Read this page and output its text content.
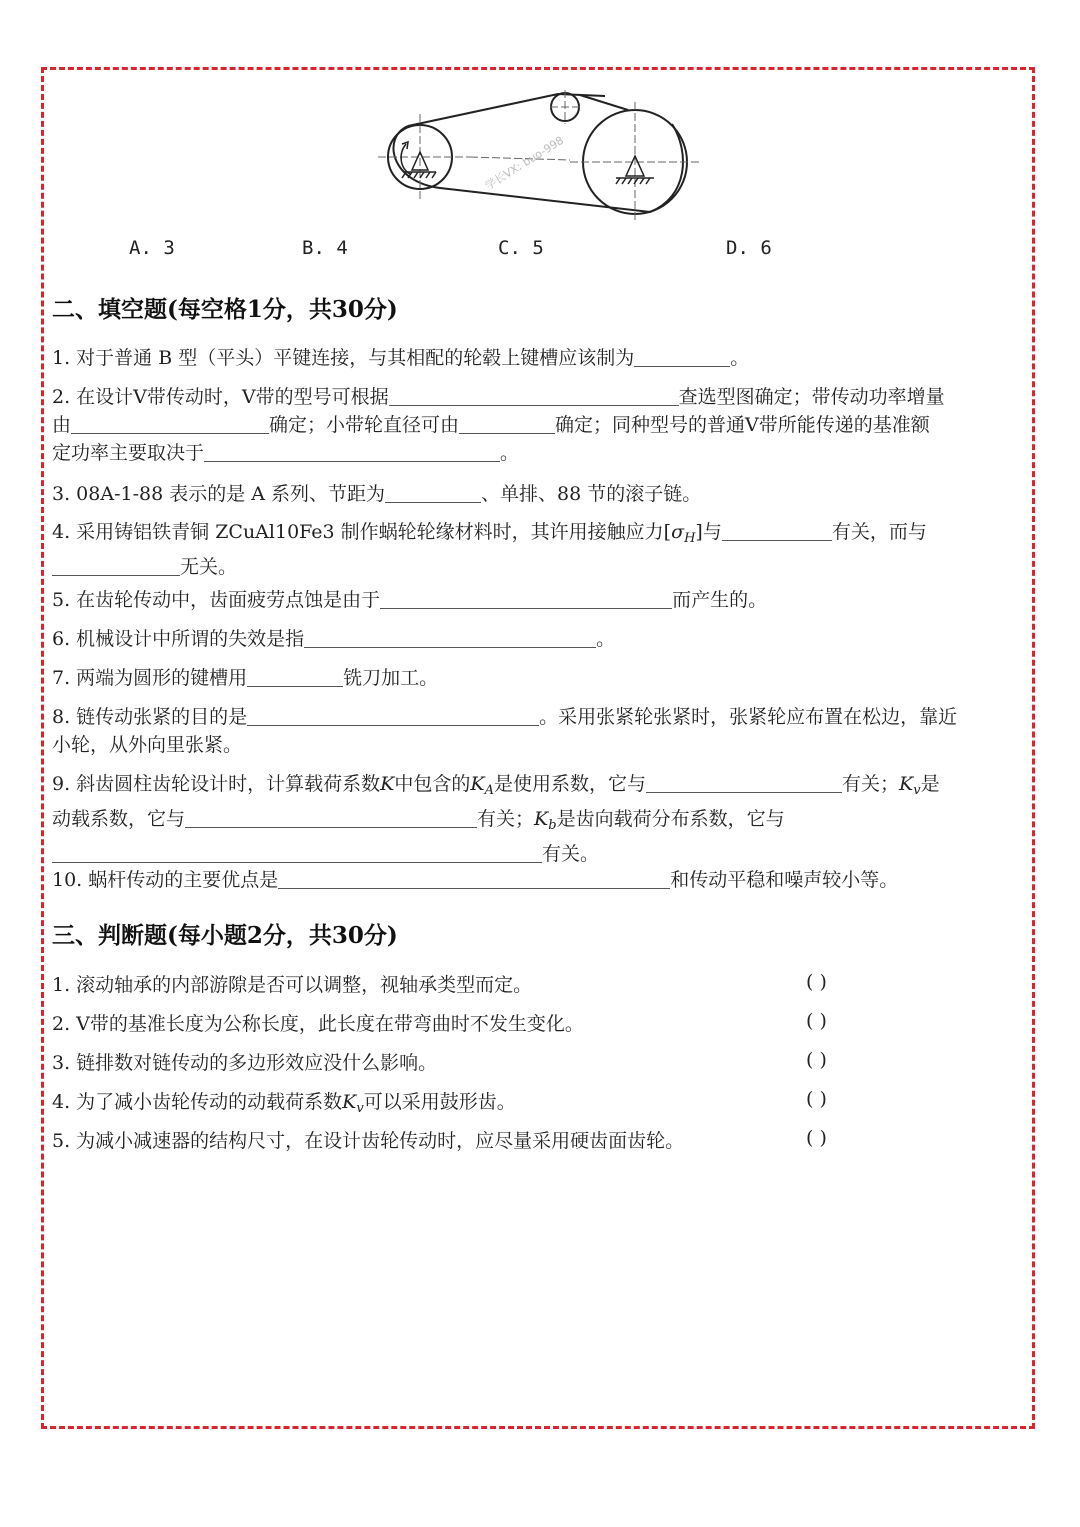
学长VX: buo-998
A. 3	B. 4	C. 5	D. 6
二、填空题(每空格1分，共30分)
1. 对于普通 B 型（平头）平键连接，与其相配的轮毂上键槽应该制为	。
2. 在设计V带传动时，V带的型号可根据	查选型图确定；带传动功率增量
由	确定；小带轮直径可由	确定；同种型号的普通V带所能传递的基准额
定功率主要取决于	。
3. 08A-1-88 表示的是 A 系列、节距为	、单排、88 节的滚子链。
4. 采用铸铝铁青铜 ZCuAl10Fe3 制作蜗轮轮缘材料时，其许用接触应力$[\sigma_H]$与	有关，而与
无关。
5. 在齿轮传动中，齿面疲劳点蚀是由于	而产生的。
6. 机械设计中所谓的失效是指	。
7. 两端为圆形的键槽用	铣刀加工。
8. 链传动张紧的目的是	。采用张紧轮张紧时，张紧轮应布置在松边，靠近
小轮，从外向里张紧。
9. 斜齿圆柱齿轮设计时，计算载荷系数K中包含的$K_A$是使用系数，它与	有关；$K_v$是
动载系数，它与	有关；$K_b$是齿向载荷分布系数，它与
有关。
10. 蜗杆传动的主要优点是	和传动平稳和噪声较小等。
三、判断题(每小题2分，共30分)
1. 滚动轴承的内部游隙是否可以调整，视轴承类型而定。	( )
2. V带的基准长度为公称长度，此长度在带弯曲时不发生变化。	( )
3. 链排数对链传动的多边形效应没什么影响。	( )
4. 为了减小齿轮传动的动载荷系数$K_v$可以采用鼓形齿。	( )
5. 为减小减速器的结构尺寸，在设计齿轮传动时，应尽量采用硬齿面齿轮。	( )
